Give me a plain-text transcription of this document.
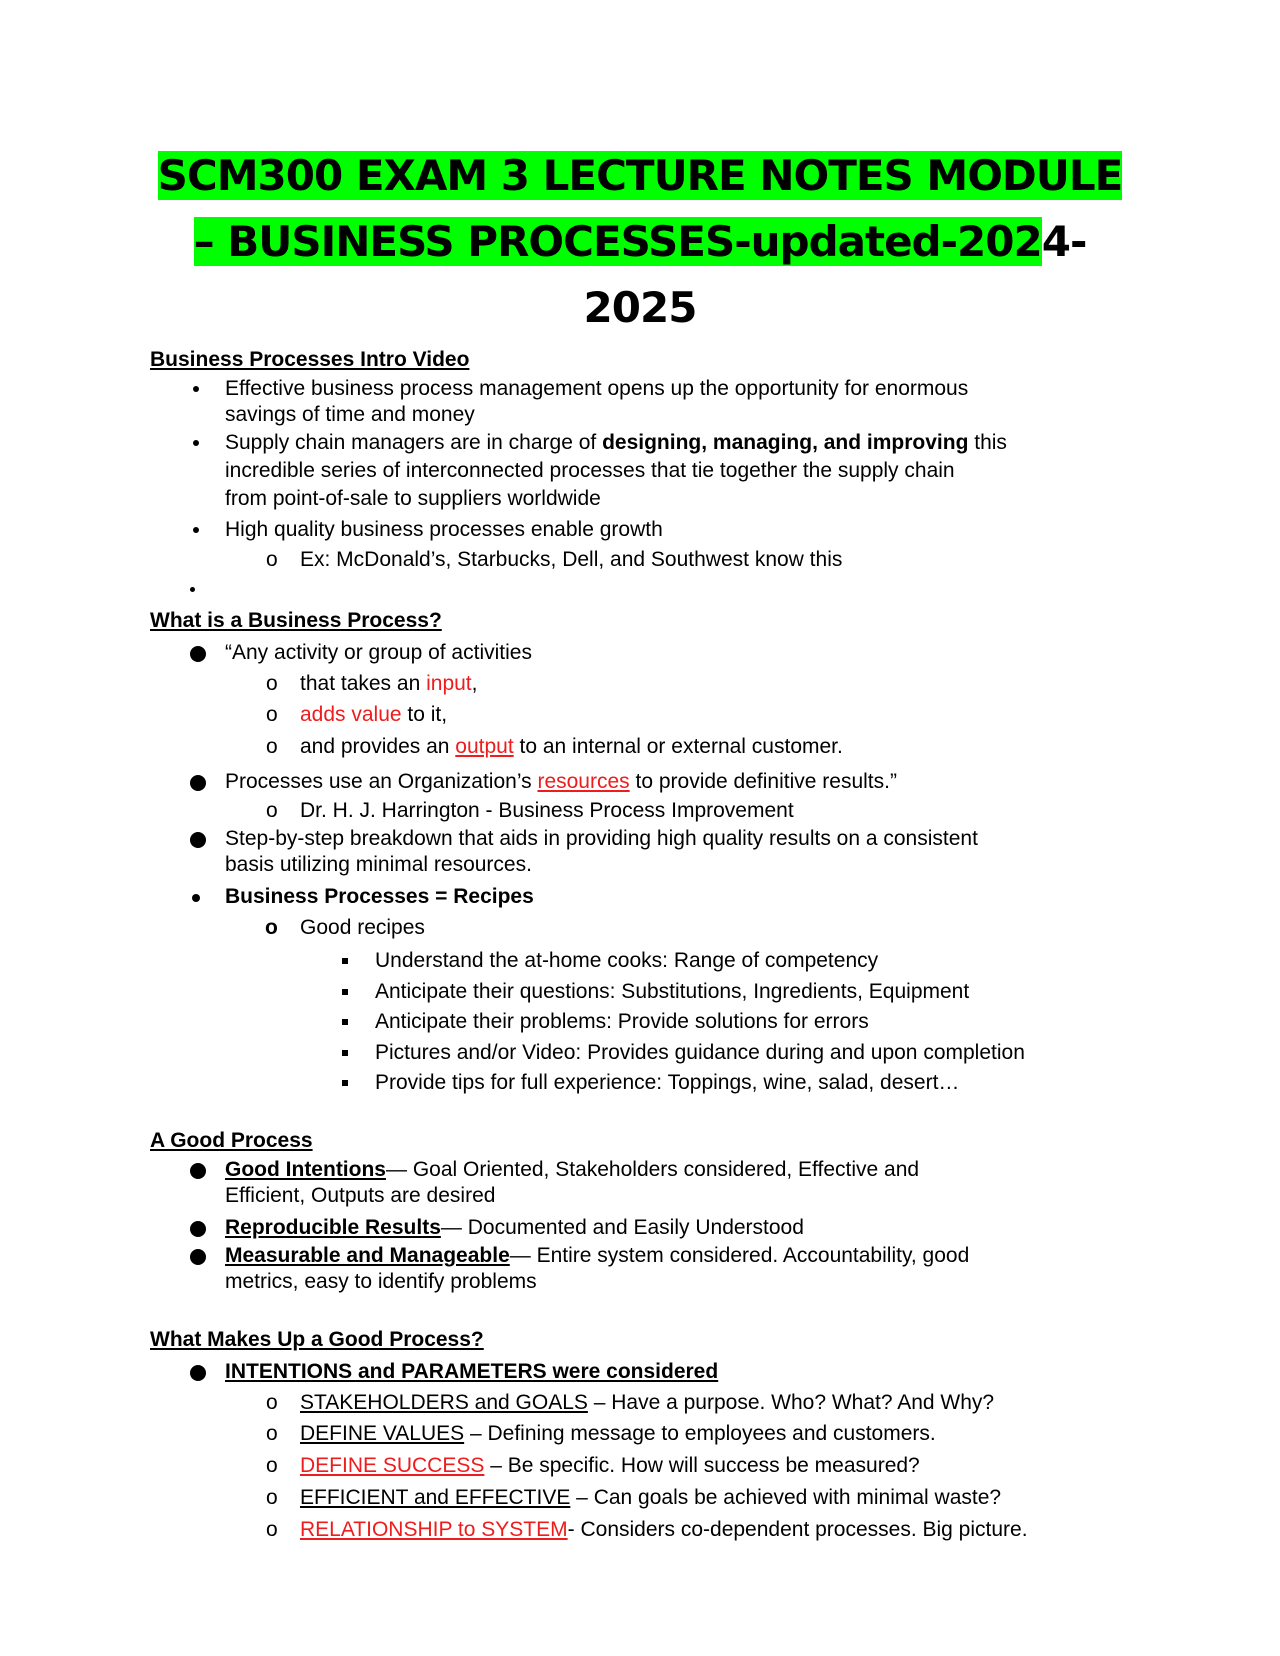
SCM300 EXAM 3 LECTURE NOTES MODULE
– BUSINESS PROCESSES-updated-2024-2025
Business Processes Intro Video
Effective business process management opens up the opportunity for enormous
savings of time and money
Supply chain managers are in charge of designing, managing, and improving this
incredible series of interconnected processes that tie together the supply chain
from point-of-sale to suppliers worldwide
High quality business processes enable growth
o Ex: McDonald’s, Starbucks, Dell, and Southwest know this
What is a Business Process?
“Any activity or group of activities
o that takes an input,
o adds value to it,
o and provides an output to an internal or external customer.
Processes use an Organization’s resources to provide definitive results.”
o Dr. H. J. Harrington - Business Process Improvement
Step-by-step breakdown that aids in providing high quality results on a consistent
basis utilizing minimal resources.
Business Processes = Recipes
o Good recipes
Understand the at-home cooks: Range of competency
Anticipate their questions: Substitutions, Ingredients, Equipment
Anticipate their problems: Provide solutions for errors
Pictures and/or Video: Provides guidance during and upon completion
Provide tips for full experience: Toppings, wine, salad, desert…
A Good Process
Good Intentions— Goal Oriented, Stakeholders considered, Effective and
Efficient, Outputs are desired
Reproducible Results— Documented and Easily Understood
Measurable and Manageable— Entire system considered. Accountability, good
metrics, easy to identify problems
What Makes Up a Good Process?
INTENTIONS and PARAMETERS were considered
o STAKEHOLDERS and GOALS – Have a purpose. Who? What? And Why?
o DEFINE VALUES – Defining message to employees and customers.
o DEFINE SUCCESS – Be specific. How will success be measured?
o EFFICIENT and EFFECTIVE – Can goals be achieved with minimal waste?
o RELATIONSHIP to SYSTEM- Considers co-dependent processes. Big picture.
